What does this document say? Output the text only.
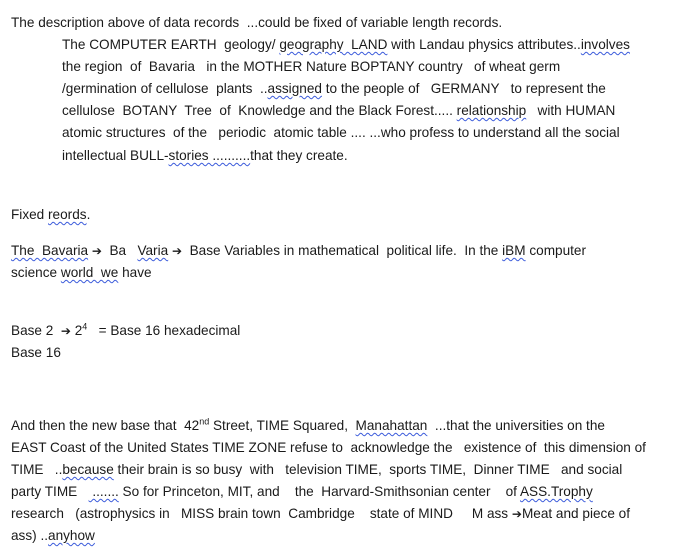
The description above of data records  ...could be fixed of variable length records.
The COMPUTER EARTH  geology/ geography  LAND with Landau physics attributes..involves
the region  of  Bavaria   in the MOTHER Nature BOPTANY country   of wheat germ
/germination of cellulose  plants  ..assigned to the people of   GERMANY   to represent the
cellulose  BOTANY  Tree  of  Knowledge and the Black Forest..... relationship   with HUMAN
atomic structures  of the   periodic  atomic table .... ...who profess to understand all the social
intellectual BULL-stories ..........that they create.
Fixed reords.
The  Bavaria ➔  Ba   Varia ➔  Base Variables in mathematical  political life.  In the iBM computer
science world  we have
Base 2  ➔ $2^4$   = Base 16 hexadecimal
Base 16
And then the new base that  42nd Street, TIME Squared,  Manahattan  ...that the universities on the
EAST Coast of the United States TIME ZONE refuse to  acknowledge the   existence of  this dimension of
TIME   ..because their brain is so busy  with   television TIME,  sports TIME,  Dinner TIME   and social
party TIME    ....... So for Princeton, MIT, and    the  Harvard-Smithsonian center    of ASS.Trophy
research   (astrophysics in   MISS brain town  Cambridge    state of MIND     M ass ➔Meat and piece of
ass) ..anyhow
